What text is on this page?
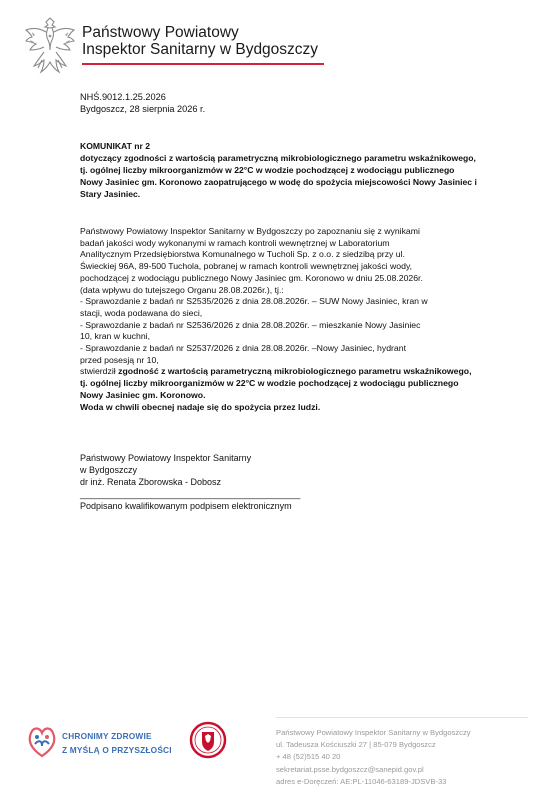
Państwowy Powiatowy
Inspektor Sanitarny w Bydgoszczy
NHŚ.9012.1.25.2026
Bydgoszcz, 28 sierpnia 2026 r.
KOMUNIKAT nr 2
dotyczący zgodności z wartością parametryczną mikrobiologicznego parametru wskaźnikowego,
tj. ogólnej liczby mikroorganizmów w 22°C w wodzie pochodzącej z wodociągu publicznego
Nowy Jasiniec gm. Koronowo zaopatrującego w wodę do spożycia miejscowości Nowy Jasiniec i
Stary Jasiniec.
Państwowy Powiatowy Inspektor Sanitarny w Bydgoszczy po zapoznaniu się z wynikami
badań jakości wody wykonanymi w ramach kontroli wewnętrznej w Laboratorium
Analitycznym Przedsiębiorstwa Komunalnego w Tucholi Sp. z o.o. z siedzibą przy ul.
Świeckiej 96A, 89-500 Tuchola, pobranej w ramach kontroli wewnętrznej jakości wody,
pochodzącej z wodociągu publicznego Nowy Jasiniec gm. Koronowo w dniu 25.08.2026r.
(data wpływu do tutejszego Organu 28.08.2026r.), tj.:
- Sprawozdanie z badań nr S2535/2026 z dnia 28.08.2026r. – SUW Nowy Jasiniec, kran w
stacji, woda podawana do sieci,
- Sprawozdanie z badań nr S2536/2026 z dnia 28.08.2026r. – mieszkanie Nowy Jasiniec
10, kran w kuchni,
- Sprawozdanie z badań nr S2537/2026 z dnia 28.08.2026r. –Nowy Jasiniec, hydrant
przed posesją nr 10,
stwierdził zgodność z wartością parametryczną mikrobiologicznego parametru wskaźnikowego,
tj. ogólnej liczby mikroorganizmów w 22°C w wodzie pochodzącej z wodociągu publicznego
Nowy Jasiniec gm. Koronowo.
Woda w chwili obecnej nadaje się do spożycia przez ludzi.
Państwowy Powiatowy Inspektor Sanitarny
w Bydgoszczy
dr inż. Renata Zborowska - Dobosz
____________________________________________
Podpisano kwalifikowanym podpisem elektronicznym
CHRONIMY ZDROWIE
Z MYŚLĄ O PRZYSZŁOŚCI
Państwowy Powiatowy Inspektor Sanitarny w Bydgoszczy
ul. Tadeusza Kościuszki 27 | 85-079 Bydgoszcz
+ 48 (52)515 40 20
sekretariat.psse.bydgoszcz@sanepid.gov.pl
adres e-Doręczeń: AE:PL-11046-63189-JDSVB-33
